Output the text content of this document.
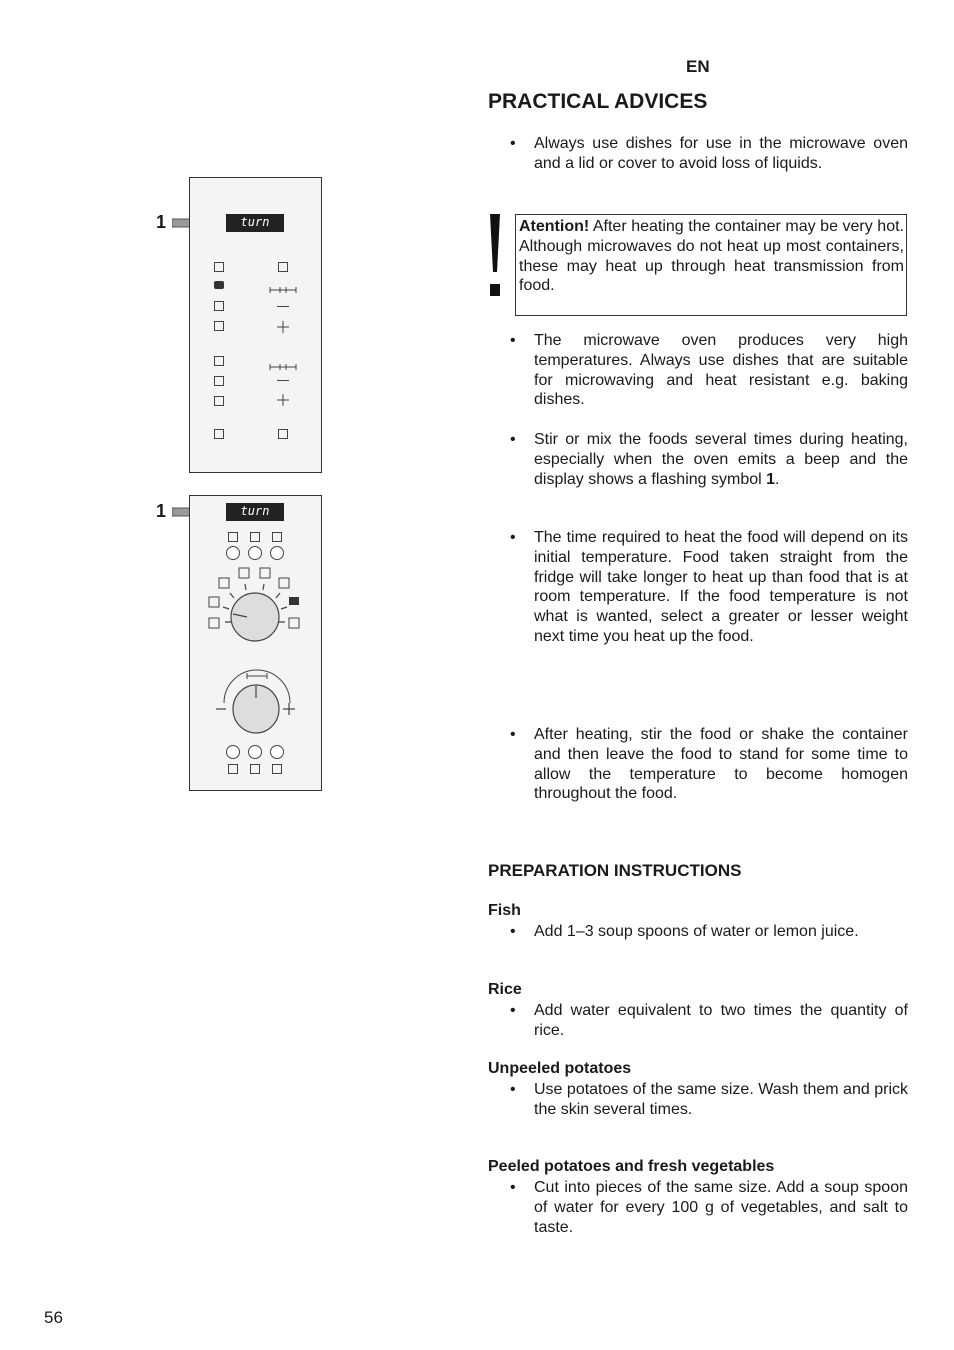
EN
PRACTICAL ADVICES
• Always use dishes for use in the microwave oven and a lid or cover to avoid loss of liquids.
Atention! After heating the container may be very hot. Although microwaves do not heat up most containers, these may heat up through heat transmission from food.
• The microwave oven produces very high temperatures. Always use dishes that are suitable for microwaving and heat resistant e.g. baking dishes.
• Stir or mix the foods several times during heating, especially when the oven emits a beep and the display shows a flashing symbol 1.
• The time required to heat the food will depend on its initial temperature. Food taken straight from the fridge will take longer to heat up than food that is at room temperature. If the food temperature is not what is wanted, select a greater or lesser weight next time you heat up the food.
• After heating, stir the food or shake the container and then leave the food to stand for some time to allow the temperature to become homogen throughout the food.
PREPARATION INSTRUCTIONS
Fish
• Add 1–3 soup spoons of water or lemon juice.
Rice
• Add water equivalent to two times the quantity of rice.
Unpeeled potatoes
• Use potatoes of the same size. Wash them and prick the skin several times.
Peeled potatoes and fresh vegetables
• Cut into pieces of the same size. Add a soup spoon of water for every 100 g of vegetables, and salt to taste.
56
1	turn
1	turn
